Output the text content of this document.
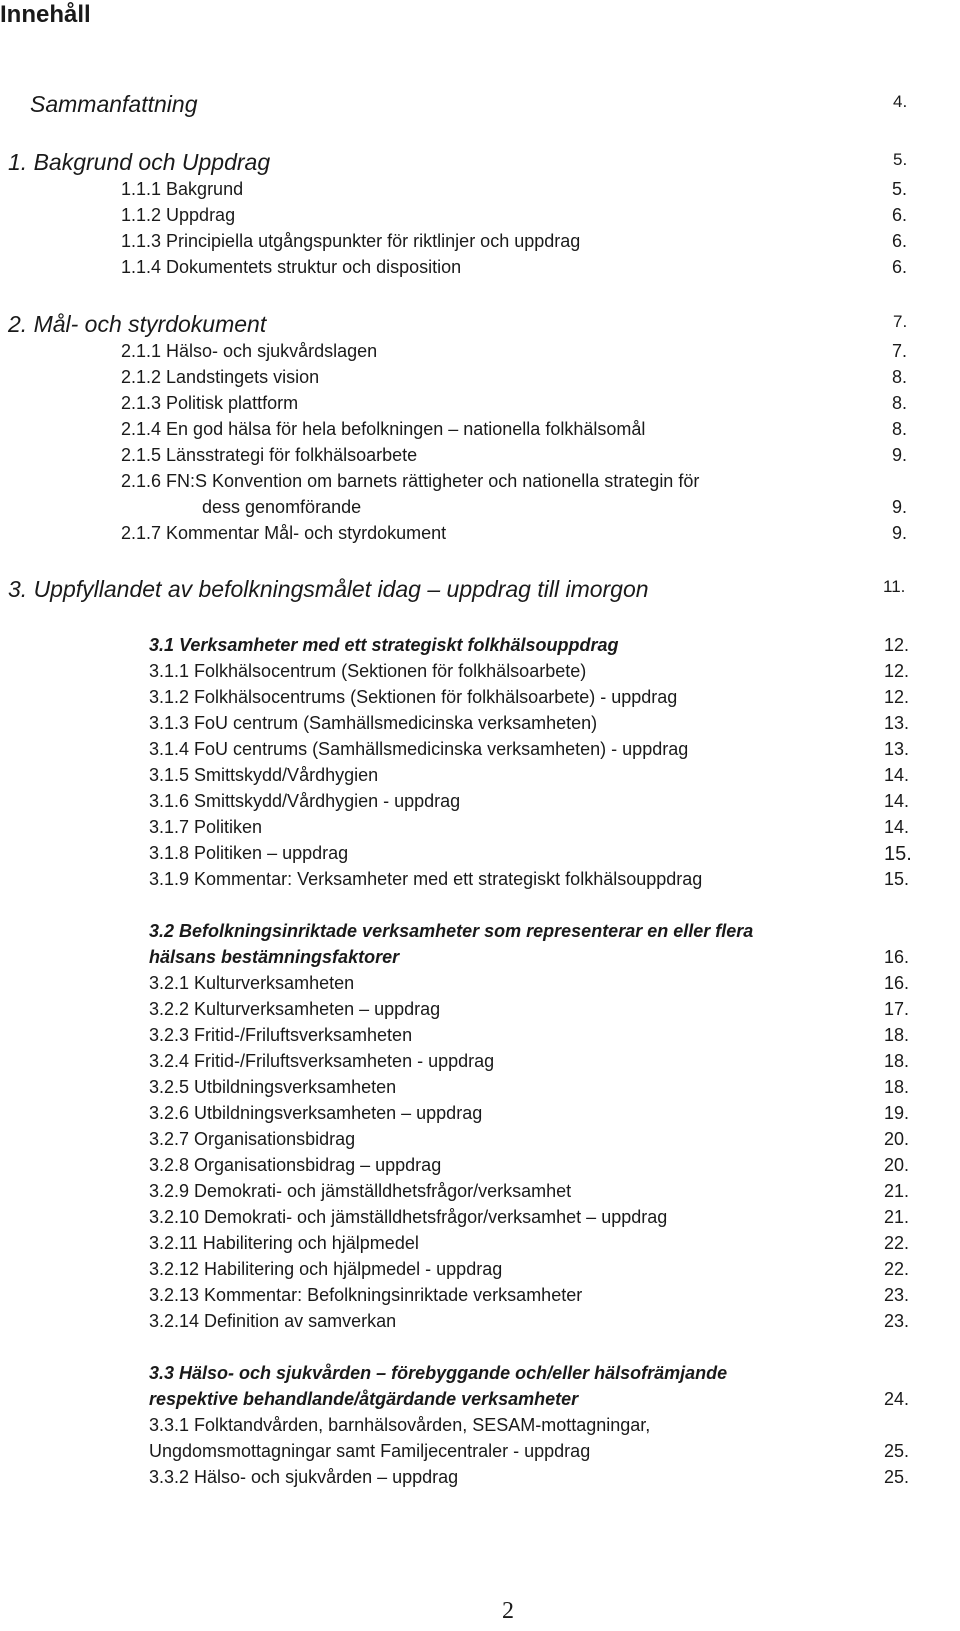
Innehåll
Sammanfattning	4.
1. Bakgrund och Uppdrag	5.
1.1.1 Bakgrund	5.
1.1.2 Uppdrag	6.
1.1.3 Principiella utgångspunkter för riktlinjer och uppdrag	6.
1.1.4 Dokumentets struktur och disposition	6.
2. Mål- och styrdokument	7.
2.1.1 Hälso- och sjukvårdslagen	7.
2.1.2 Landstingets vision	8.
2.1.3 Politisk plattform	8.
2.1.4 En god hälsa för hela befolkningen – nationella folkhälsomål	8.
2.1.5 Länsstrategi för folkhälsoarbete	9.
2.1.6 FN:S Konvention om barnets rättigheter och nationella strategin för
dess genomförande	9.
2.1.7 Kommentar Mål- och styrdokument	9.
3. Uppfyllandet av befolkningsmålet idag – uppdrag till imorgon	11.
3.1 Verksamheter med ett strategiskt folkhälsouppdrag	12.
3.1.1 Folkhälsocentrum (Sektionen för folkhälsoarbete)	12.
3.1.2 Folkhälsocentrums (Sektionen för folkhälsoarbete) - uppdrag	12.
3.1.3 FoU centrum (Samhällsmedicinska verksamheten)	13.
3.1.4 FoU centrums (Samhällsmedicinska verksamheten) - uppdrag	13.
3.1.5 Smittskydd/Vårdhygien	14.
3.1.6 Smittskydd/Vårdhygien - uppdrag	14.
3.1.7 Politiken	14.
3.1.8 Politiken – uppdrag	15.
3.1.9 Kommentar: Verksamheter med ett strategiskt folkhälsouppdrag	15.
3.2 Befolkningsinriktade verksamheter som representerar en eller flera
hälsans bestämningsfaktorer	16.
3.2.1 Kulturverksamheten	16.
3.2.2 Kulturverksamheten – uppdrag	17.
3.2.3 Fritid-/Friluftsverksamheten	18.
3.2.4 Fritid-/Friluftsverksamheten - uppdrag	18.
3.2.5 Utbildningsverksamheten	18.
3.2.6 Utbildningsverksamheten – uppdrag	19.
3.2.7 Organisationsbidrag	20.
3.2.8 Organisationsbidrag – uppdrag	20.
3.2.9 Demokrati- och jämställdhetsfrågor/verksamhet	21.
3.2.10 Demokrati- och jämställdhetsfrågor/verksamhet – uppdrag	21.
3.2.11 Habilitering och hjälpmedel	22.
3.2.12 Habilitering och hjälpmedel - uppdrag	22.
3.2.13 Kommentar: Befolkningsinriktade verksamheter	23.
3.2.14 Definition av samverkan	23.
3.3 Hälso- och sjukvården – förebyggande och/eller hälsofrämjande
respektive behandlande/åtgärdande verksamheter	24.
3.3.1 Folktandvården, barnhälsovården, SESAM-mottagningar,
Ungdomsmottagningar samt Familjecentraler - uppdrag	25.
3.3.2 Hälso- och sjukvården – uppdrag	25.
2
